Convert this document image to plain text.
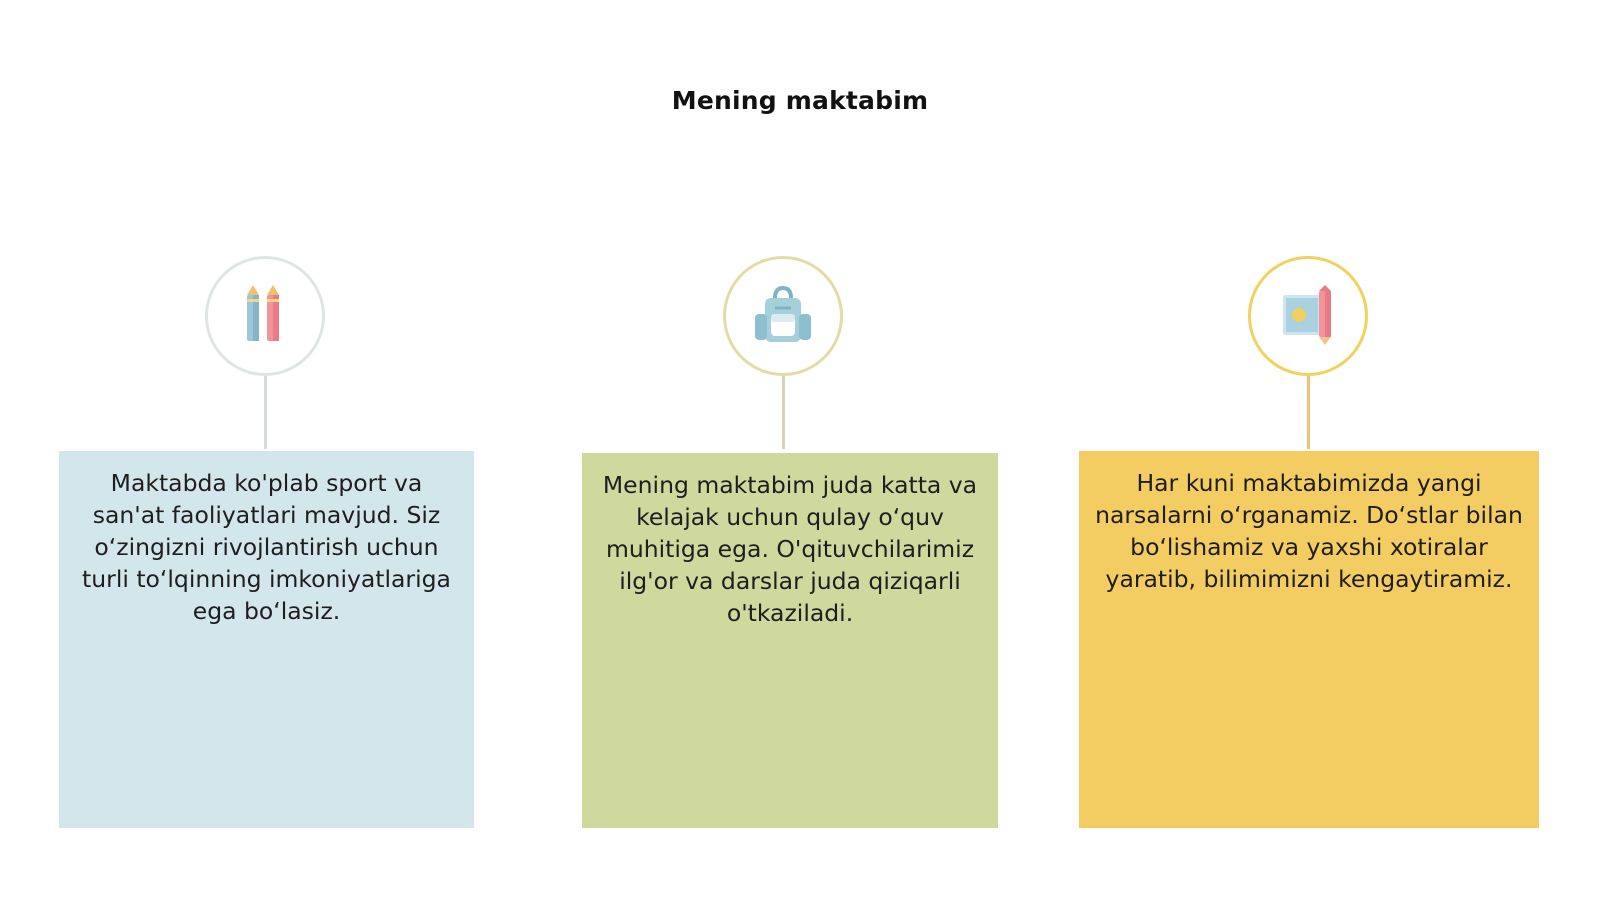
Mening maktabim
Maktabda ko'plab sport va san'at faoliyatlari mavjud. Siz o‘zingizni rivojlantirish uchun turli to‘lqinning imkoniyatlariga ega bo‘lasiz.
Mening maktabim juda katta va kelajak uchun qulay o‘quv muhitiga ega. O'qituvchilarimiz ilg'or va darslar juda qiziqarli o'tkaziladi.
Har kuni maktabimizda yangi narsalarni o‘rganamiz. Do‘stlar bilan bo‘lishamiz va yaxshi xotiralar yaratib, bilimimizni kengaytiramiz.
